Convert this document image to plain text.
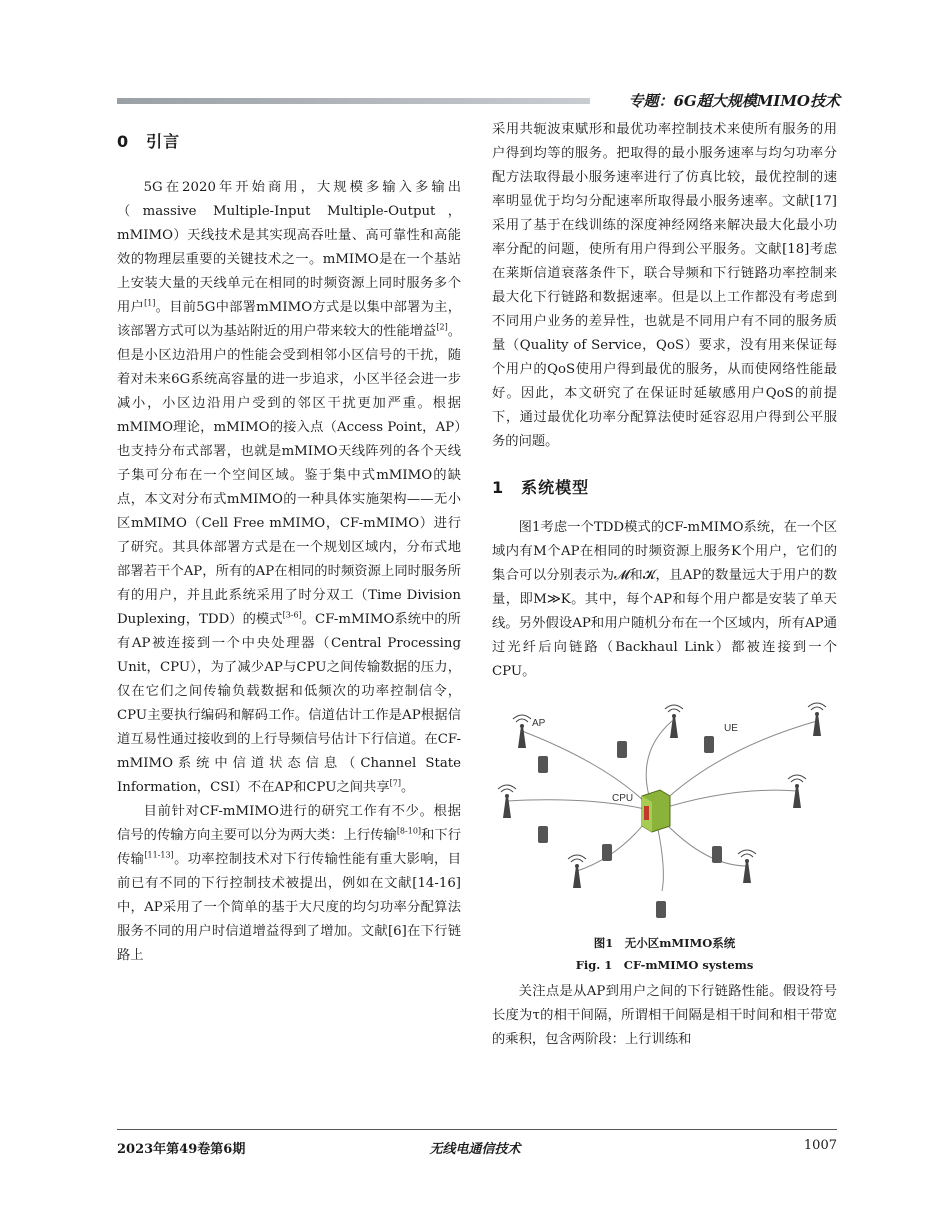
专题：6G超大规模MIMO技术
0　引言

5G在2020年开始商用，大规模多输入多输出（massive Multiple-Input Multiple-Output，mMIMO）天线技术是其实现高吞吐量、高可靠性和高能效的物理层重要的关键技术之一。mMIMO是在一个基站上安装大量的天线单元在相同的时频资源上同时服务多个用户[1]。目前5G中部署mMIMO方式是以集中部署为主，该部署方式可以为基站附近的用户带来较大的性能增益[2]。但是小区边沿用户的性能会受到相邻小区信号的干扰，随着对未来6G系统高容量的进一步追求，小区半径会进一步减小，小区边沿用户受到的邻区干扰更加严重。根据mMIMO理论，mMIMO的接入点（Access Point，AP）也支持分布式部署，也就是mMIMO天线阵列的各个天线子集可分布在一个空间区域。鉴于集中式mMIMO的缺点，本文对分布式mMIMO的一种具体实施架构——无小区mMIMO（Cell Free mMIMO，CF-mMIMO）进行了研究。其具体部署方式是在一个规划区域内，分布式地部署若干个AP，所有的AP在相同的时频资源上同时服务所有的用户，并且此系统采用了时分双工（Time Division Duplexing，TDD）的模式[3-6]。CF-mMIMO系统中的所有AP被连接到一个中央处理器（Central Processing Unit，CPU），为了减少AP与CPU之间传输数据的压力，仅在它们之间传输负载数据和低频次的功率控制信令，CPU主要执行编码和解码工作。信道估计工作是AP根据信道互易性通过接收到的上行导频信号估计下行信道。在CF-mMIMO系统中信道状态信息（Channel State Information，CSI）不在AP和CPU之间共享[7]。

目前针对CF-mMIMO进行的研究工作有不少。根据信号的传输方向主要可以分为两大类：上行传输[8-10]和下行传输[11-13]。功率控制技术对下行传输性能有重大影响，目前已有不同的下行控制技术被提出，例如在文献[14-16]中，AP采用了一个简单的基于大尺度的均匀功率分配算法服务不同的用户时信道增益得到了增加。文献[6]在下行链路上

采用共轭波束赋形和最优功率控制技术来使所有服务的用户得到均等的服务。把取得的最小服务速率与均匀功率分配方法取得最小服务速率进行了仿真比较，最优控制的速率明显优于均匀分配速率所取得最小服务速率。文献[17]采用了基于在线训练的深度神经网络来解决最大化最小功率分配的问题，使所有用户得到公平服务。文献[18]考虑在莱斯信道衰落条件下，联合导频和下行链路功率控制来最大化下行链路和数据速率。但是以上工作都没有考虑到不同用户业务的差异性，也就是不同用户有不同的服务质量（Quality of Service，QoS）要求，没有用来保证每个用户的QoS使用户得到最优的服务，从而使网络性能最好。因此，本文研究了在保证时延敏感用户QoS的前提下，通过最优化功率分配算法使时延容忍用户得到公平服务的问题。

1　系统模型

图1考虑一个TDD模式的CF-mMIMO系统，在一个区域内有M个AP在相同的时频资源上服务K个用户，它们的集合可以分别表示为𝓜和𝓚，且AP的数量远大于用户的数量，即M≫K。其中，每个AP和每个用户都是安装了单天线。另外假设AP和用户随机分布在一个区域内，所有AP通过光纤后向链路（Backhaul Link）都被连接到一个CPU。

AP	UE
CPU

图1　无小区mMIMO系统

Fig. 1　CF-mMIMO systems

关注点是从AP到用户之间的下行链路性能。假设符号长度为τ的相干间隔，所谓相干间隔是相干时间和相干带宽的乘积，包含两阶段：上行训练和

2023年第49卷第6期	无线电通信技术	1007
